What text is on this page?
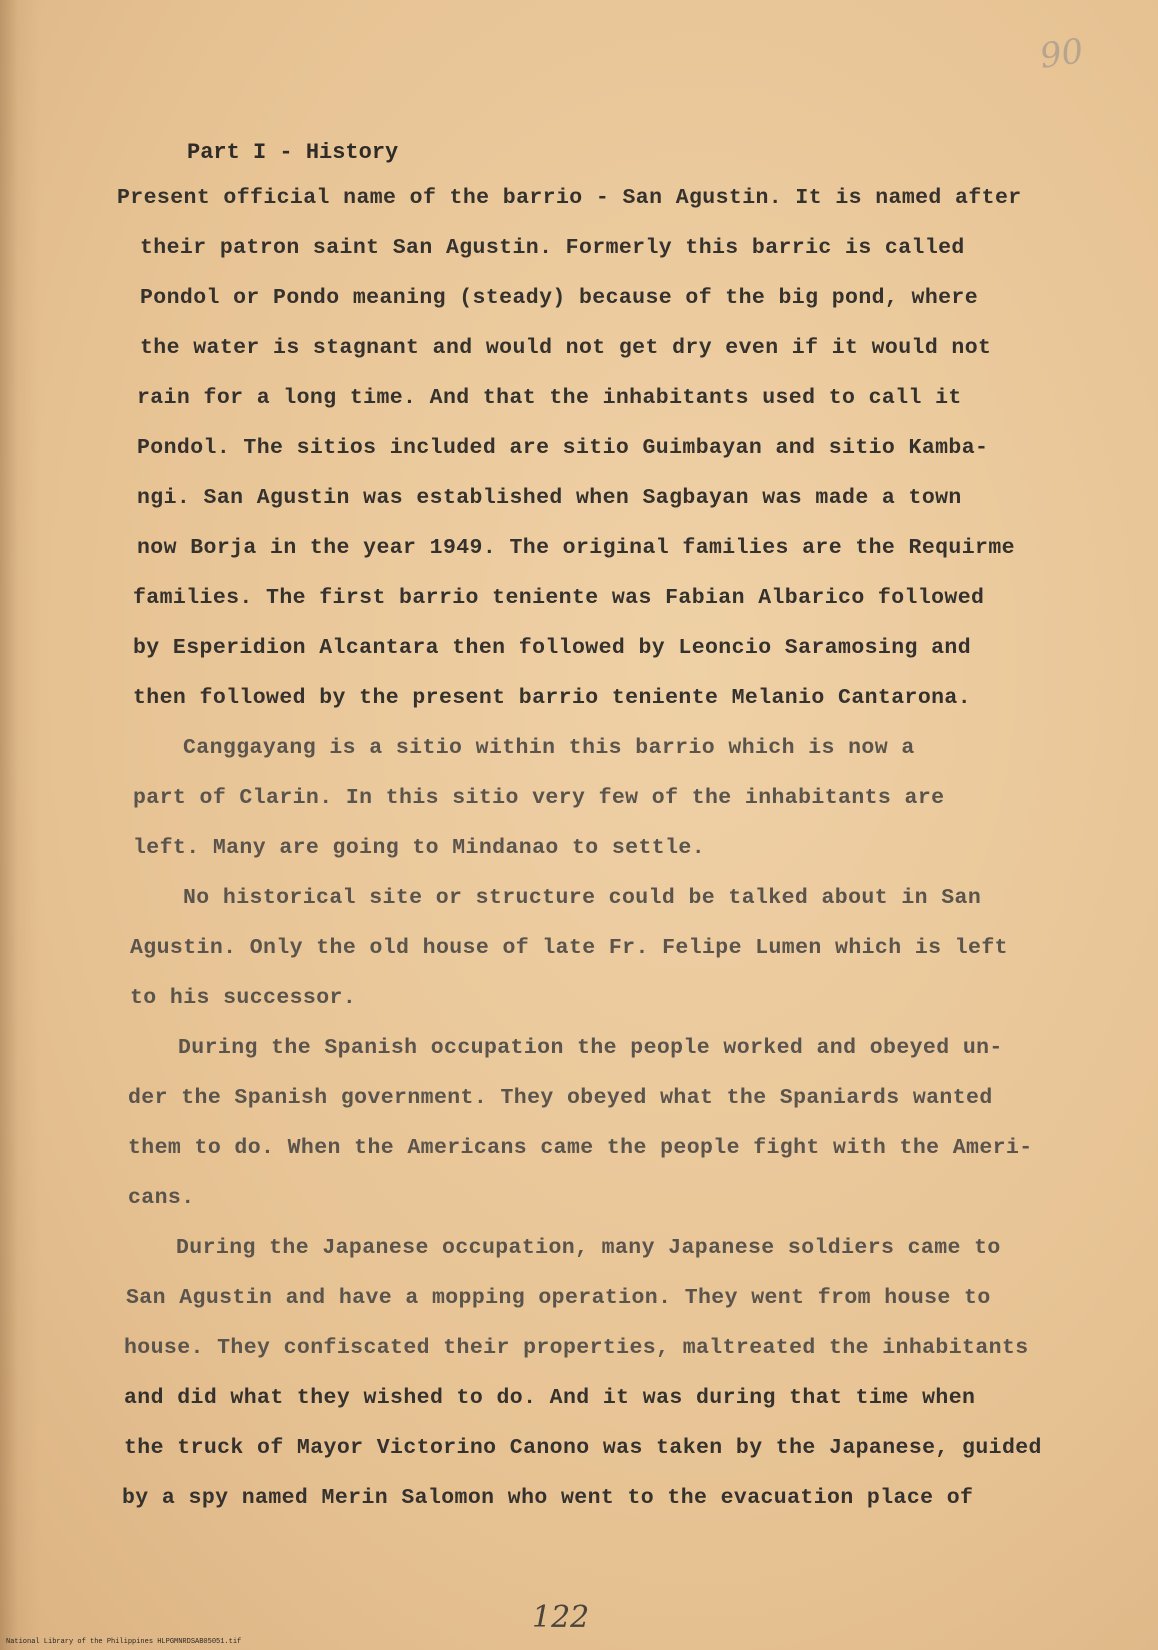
90
Part I - History
Present official name of the barrio - San Agustin. It is named after
their patron saint San Agustin. Formerly this barric is called
Pondol or Pondo meaning (steady) because of the big pond, where
the water is stagnant and would not get dry even if it would not
rain for a long time. And that the inhabitants used to call it
Pondol. The sitios included are sitio Guimbayan and sitio Kamba-
ngi. San Agustin was established when Sagbayan was made a town
now Borja in the year 1949. The original families are the Requirme
families. The first barrio teniente was Fabian Albarico followed
by Esperidion Alcantara then followed by Leoncio Saramosing and
then followed by the present barrio teniente Melanio Cantarona.
Canggayang is a sitio within this barrio which is now a
part of Clarin. In this sitio very few of the inhabitants are
left. Many are going to Mindanao to settle.
No historical site or structure could be talked about in San
Agustin. Only the old house of late Fr. Felipe Lumen which is left
to his successor.
During the Spanish occupation the people worked and obeyed un-
der the Spanish government. They obeyed what the Spaniards wanted
them to do. When the Americans came the people fight with the Ameri-
cans.
During the Japanese occupation, many Japanese soldiers came to
San Agustin and have a mopping operation. They went from house to
house. They confiscated their properties, maltreated the inhabitants
and did what they wished to do. And it was during that time when
the truck of Mayor Victorino Canono was taken by the Japanese, guided
by a spy named Merin Salomon who went to the evacuation place of
122
National Library of the Philippines HLPGMNRDSAB05051.tif
